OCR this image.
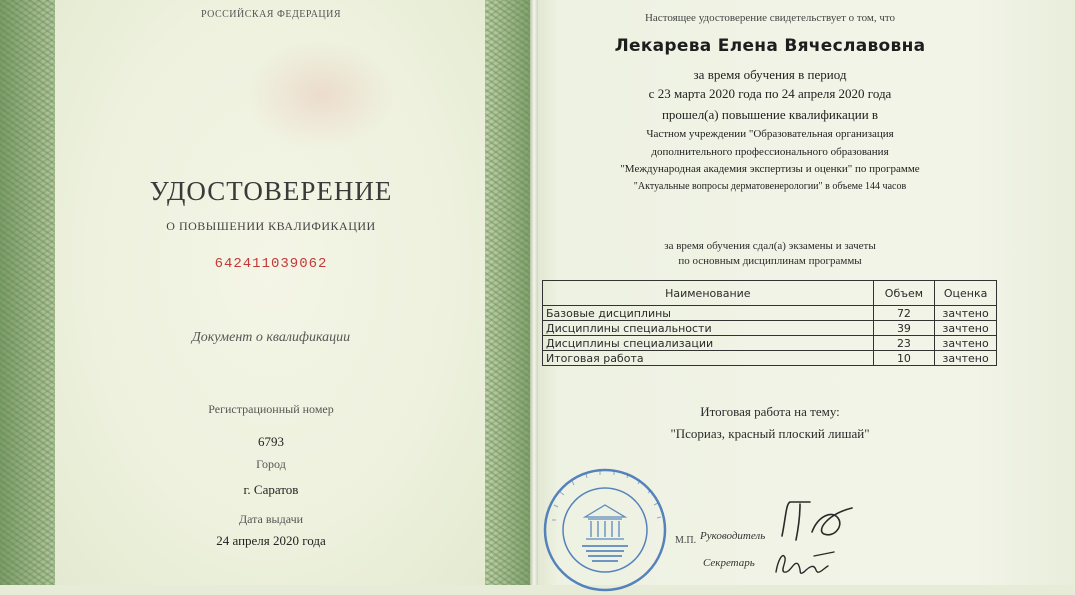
РОССИЙСКАЯ ФЕДЕРАЦИЯ
УДОСТОВЕРЕНИЕ
О ПОВЫШЕНИИ КВАЛИФИКАЦИИ
642411039062
Документ о квалификации
Регистрационный номер
6793
Город
г. Саратов
Дата выдачи
24 апреля 2020 года
Настоящее удостоверение свидетельствует о том, что
Лекарева Елена Вячеславовна
за время обучения в период
с 23 марта 2020 года по 24 апреля 2020 года
прошел(а) повышение квалификации в
Частном учреждении "Образовательная организация
дополнительного профессионального образования
"Международная академия экспертизы и оценки" по программе
"Актуальные вопросы дерматовенерологии" в объеме 144 часов
за время обучения сдал(а) экзамены и зачеты
по основным дисциплинам программы
Наименование	Объем	Оценка
Базовые дисциплины	72	зачтено
Дисциплины специальности	39	зачтено
Дисциплины специализации	23	зачтено
Итоговая работа	10	зачтено
Итоговая работа на тему:
"Псориаз, красный плоский лишай"
М.П. Руководитель
Секретарь
